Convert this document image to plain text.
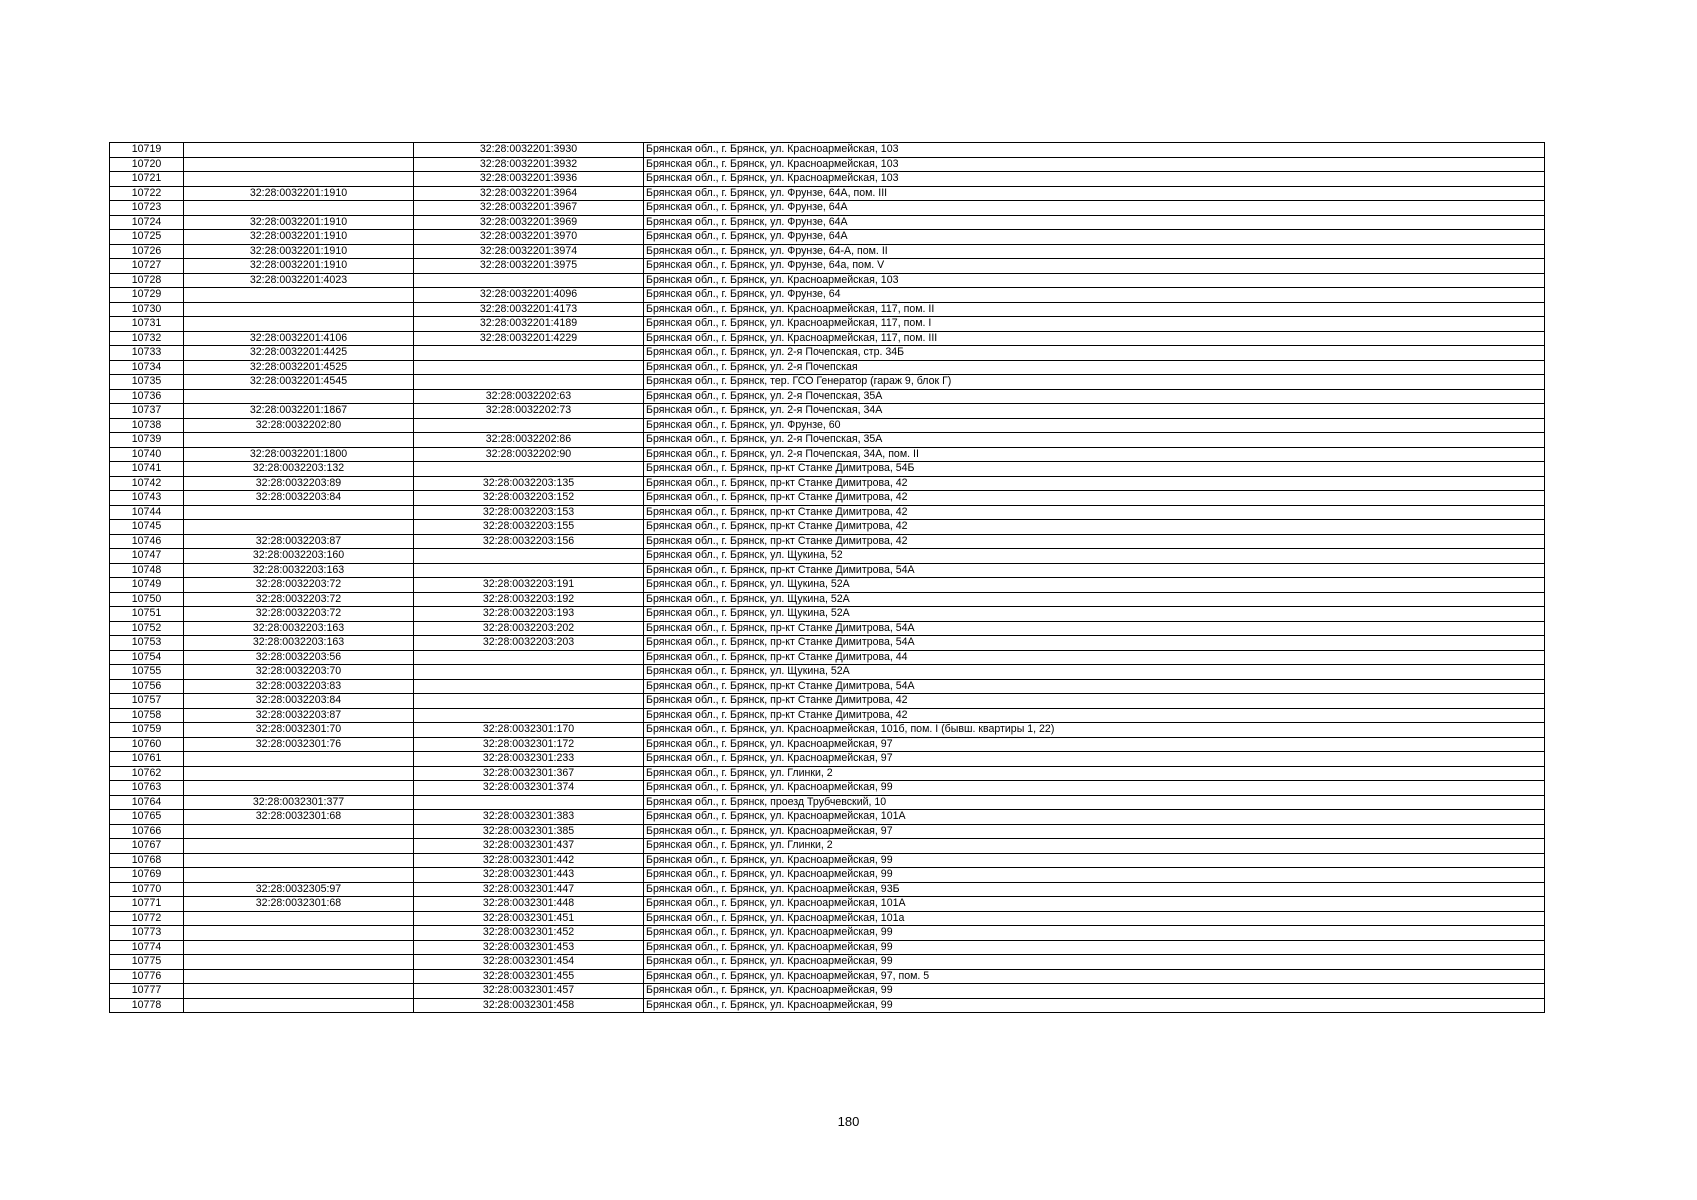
10719		32:28:0032201:3930	Брянская обл., г. Брянск, ул. Красноармейская, 103
10720		32:28:0032201:3932	Брянская обл., г. Брянск, ул. Красноармейская, 103
10721		32:28:0032201:3936	Брянская обл., г. Брянск, ул. Красноармейская, 103
10722	32:28:0032201:1910	32:28:0032201:3964	Брянская обл., г. Брянск, ул. Фрунзе, 64А, пом. III
10723		32:28:0032201:3967	Брянская обл., г. Брянск, ул. Фрунзе, 64А
10724	32:28:0032201:1910	32:28:0032201:3969	Брянская обл., г. Брянск, ул. Фрунзе, 64А
10725	32:28:0032201:1910	32:28:0032201:3970	Брянская обл., г. Брянск, ул. Фрунзе, 64А
10726	32:28:0032201:1910	32:28:0032201:3974	Брянская обл., г. Брянск, ул. Фрунзе, 64-А, пом. II
10727	32:28:0032201:1910	32:28:0032201:3975	Брянская обл., г. Брянск, ул. Фрунзе, 64а, пом. V
10728	32:28:0032201:4023		Брянская обл., г. Брянск, ул. Красноармейская, 103
10729		32:28:0032201:4096	Брянская обл., г. Брянск, ул. Фрунзе, 64
10730		32:28:0032201:4173	Брянская обл., г. Брянск, ул. Красноармейская, 117, пом. II
10731		32:28:0032201:4189	Брянская обл., г. Брянск, ул. Красноармейская, 117, пом. I
10732	32:28:0032201:4106	32:28:0032201:4229	Брянская обл., г. Брянск, ул. Красноармейская, 117, пом. III
10733	32:28:0032201:4425		Брянская обл., г. Брянск, ул. 2-я Почепская, стр. 34Б
10734	32:28:0032201:4525		Брянская обл., г. Брянск, ул. 2-я Почепская
10735	32:28:0032201:4545		Брянская обл., г. Брянск, тер. ГСО Генератор (гараж 9, блок Г)
10736		32:28:0032202:63	Брянская обл., г. Брянск, ул. 2-я Почепская, 35А
10737	32:28:0032201:1867	32:28:0032202:73	Брянская обл., г. Брянск, ул. 2-я Почепская, 34А
10738	32:28:0032202:80		Брянская обл., г. Брянск, ул. Фрунзе, 60
10739		32:28:0032202:86	Брянская обл., г. Брянск, ул. 2-я Почепская, 35А
10740	32:28:0032201:1800	32:28:0032202:90	Брянская обл., г. Брянск, ул. 2-я Почепская, 34А, пом. II
10741	32:28:0032203:132		Брянская обл., г. Брянск, пр-кт Станке Димитрова, 54Б
10742	32:28:0032203:89	32:28:0032203:135	Брянская обл., г. Брянск, пр-кт Станке Димитрова, 42
10743	32:28:0032203:84	32:28:0032203:152	Брянская обл., г. Брянск, пр-кт Станке Димитрова, 42
10744		32:28:0032203:153	Брянская обл., г. Брянск, пр-кт Станке Димитрова, 42
10745		32:28:0032203:155	Брянская обл., г. Брянск, пр-кт Станке Димитрова, 42
10746	32:28:0032203:87	32:28:0032203:156	Брянская обл., г. Брянск, пр-кт Станке Димитрова, 42
10747	32:28:0032203:160		Брянская обл., г. Брянск, ул. Щукина, 52
10748	32:28:0032203:163		Брянская обл., г. Брянск, пр-кт Станке Димитрова, 54А
10749	32:28:0032203:72	32:28:0032203:191	Брянская обл., г. Брянск, ул. Щукина, 52А
10750	32:28:0032203:72	32:28:0032203:192	Брянская обл., г. Брянск, ул. Щукина, 52А
10751	32:28:0032203:72	32:28:0032203:193	Брянская обл., г. Брянск, ул. Щукина, 52А
10752	32:28:0032203:163	32:28:0032203:202	Брянская обл., г. Брянск, пр-кт Станке Димитрова, 54А
10753	32:28:0032203:163	32:28:0032203:203	Брянская обл., г. Брянск, пр-кт Станке Димитрова, 54А
10754	32:28:0032203:56		Брянская обл., г. Брянск, пр-кт Станке Димитрова, 44
10755	32:28:0032203:70		Брянская обл., г. Брянск, ул. Щукина, 52А
10756	32:28:0032203:83		Брянская обл., г. Брянск, пр-кт Станке Димитрова, 54А
10757	32:28:0032203:84		Брянская обл., г. Брянск, пр-кт Станке Димитрова, 42
10758	32:28:0032203:87		Брянская обл., г. Брянск, пр-кт Станке Димитрова, 42
10759	32:28:0032301:70	32:28:0032301:170	Брянская обл., г. Брянск, ул. Красноармейская, 101б, пом. I (бывш. квартиры 1, 22)
10760	32:28:0032301:76	32:28:0032301:172	Брянская обл., г. Брянск, ул. Красноармейская, 97
10761		32:28:0032301:233	Брянская обл., г. Брянск, ул. Красноармейская, 97
10762		32:28:0032301:367	Брянская обл., г. Брянск, ул. Глинки, 2
10763		32:28:0032301:374	Брянская обл., г. Брянск, ул. Красноармейская, 99
10764	32:28:0032301:377		Брянская обл., г. Брянск, проезд Трубчевский, 10
10765	32:28:0032301:68	32:28:0032301:383	Брянская обл., г. Брянск, ул. Красноармейская, 101А
10766		32:28:0032301:385	Брянская обл., г. Брянск, ул. Красноармейская, 97
10767		32:28:0032301:437	Брянская обл., г. Брянск, ул. Глинки, 2
10768		32:28:0032301:442	Брянская обл., г. Брянск, ул. Красноармейская, 99
10769		32:28:0032301:443	Брянская обл., г. Брянск, ул. Красноармейская, 99
10770	32:28:0032305:97	32:28:0032301:447	Брянская обл., г. Брянск, ул. Красноармейская, 93Б
10771	32:28:0032301:68	32:28:0032301:448	Брянская обл., г. Брянск, ул. Красноармейская, 101А
10772		32:28:0032301:451	Брянская обл., г. Брянск, ул. Красноармейская, 101а
10773		32:28:0032301:452	Брянская обл., г. Брянск, ул. Красноармейская, 99
10774		32:28:0032301:453	Брянская обл., г. Брянск, ул. Красноармейская, 99
10775		32:28:0032301:454	Брянская обл., г. Брянск, ул. Красноармейская, 99
10776		32:28:0032301:455	Брянская обл., г. Брянск, ул. Красноармейская, 97, пом. 5
10777		32:28:0032301:457	Брянская обл., г. Брянск, ул. Красноармейская, 99
10778		32:28:0032301:458	Брянская обл., г. Брянск, ул. Красноармейская, 99
180
